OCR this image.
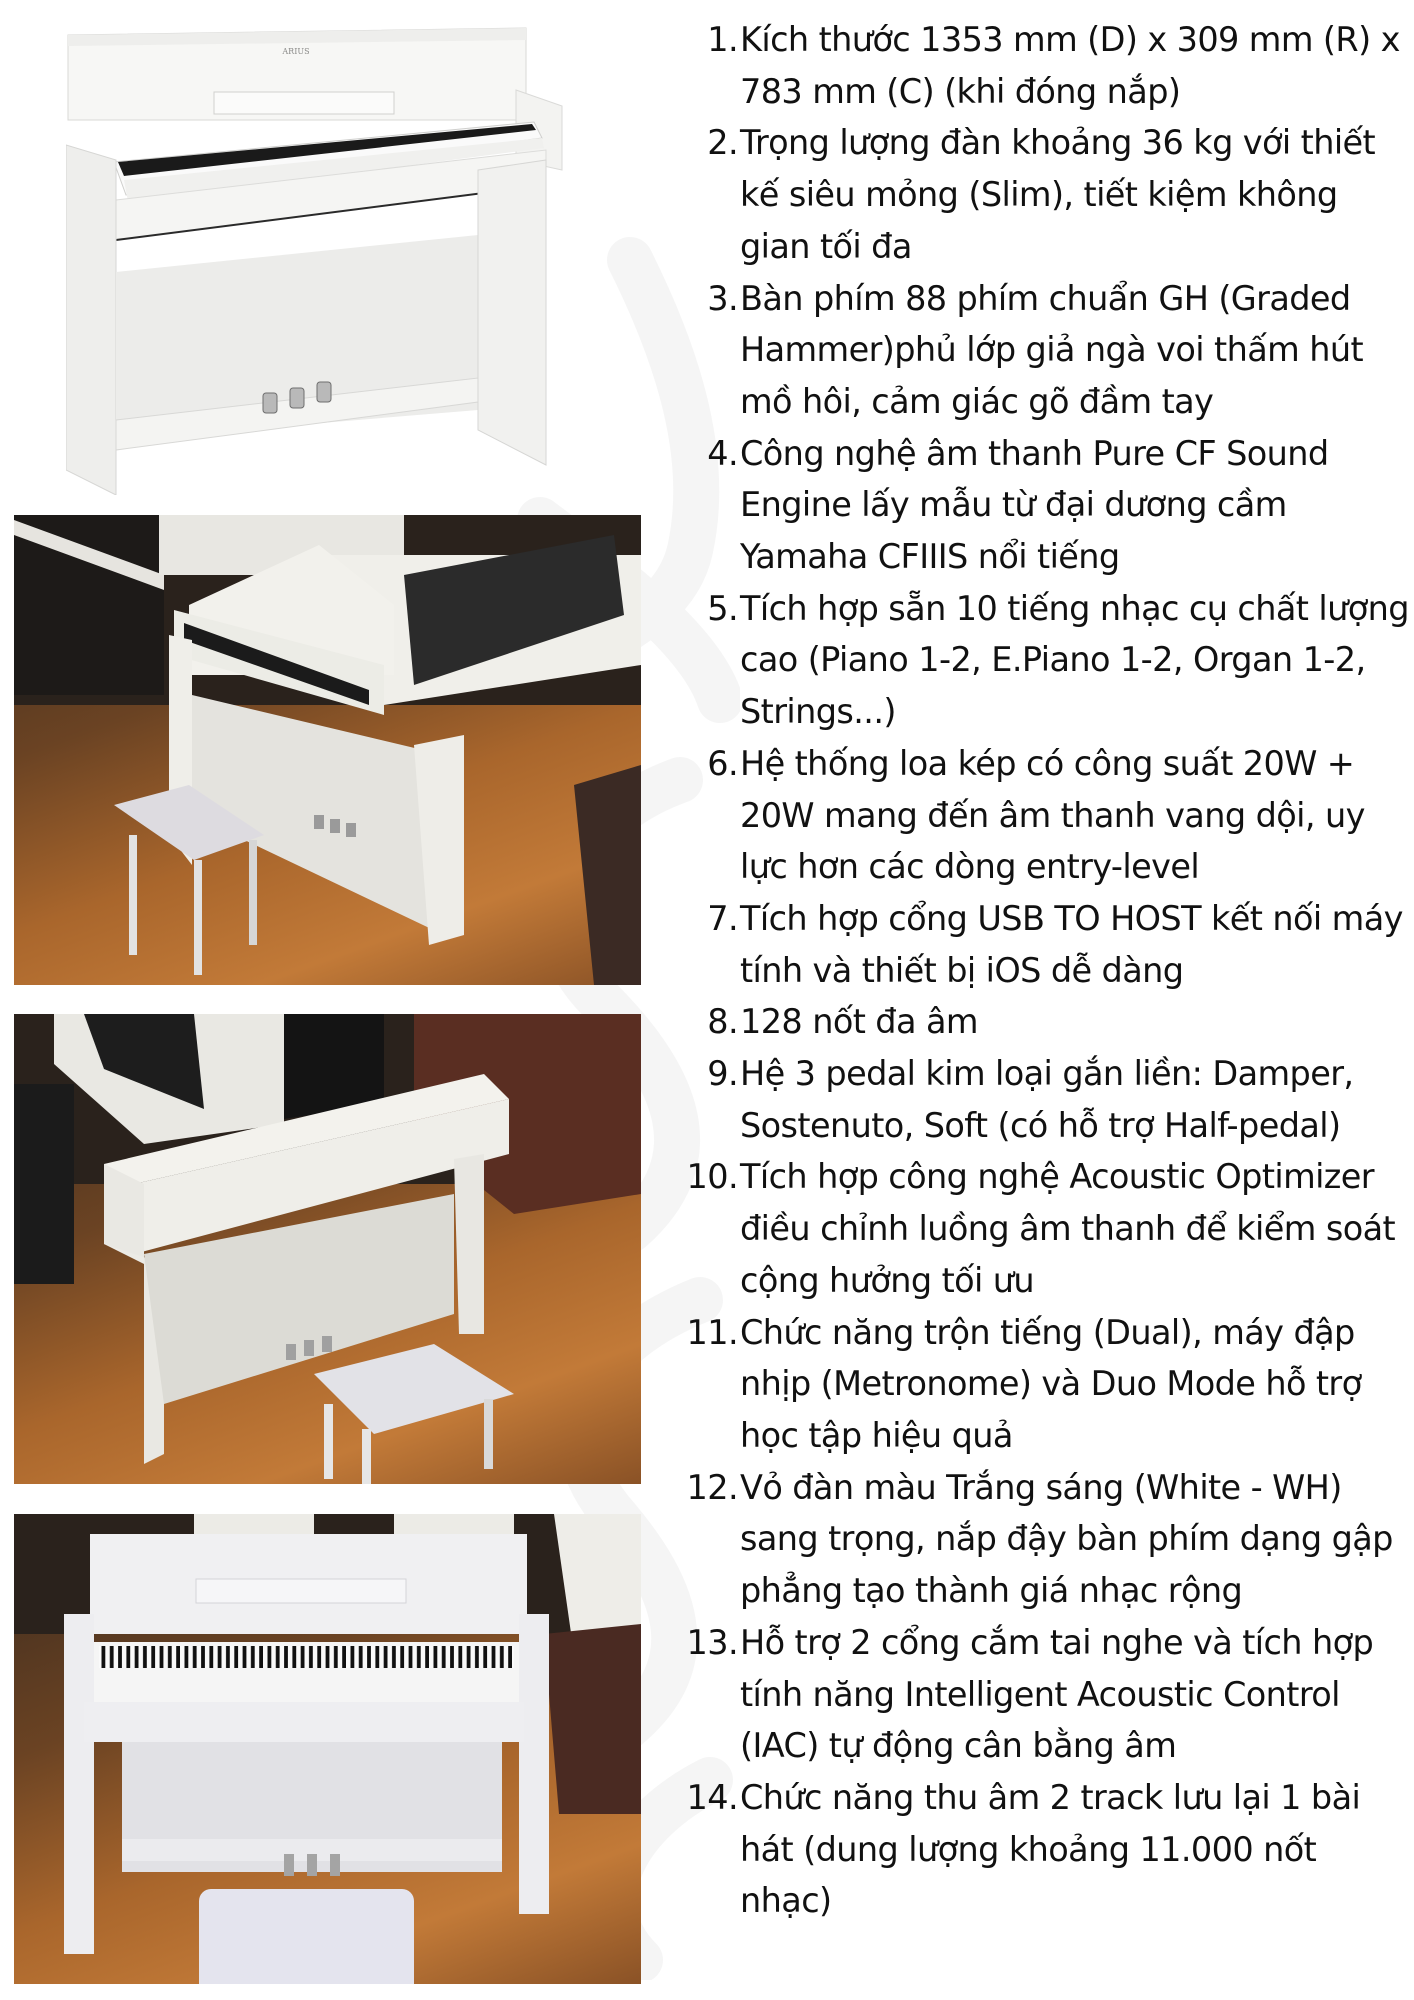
ARIUS	1. Kích thước 1353 mm (D) x 309 mm (R) x 783 mm (C) (khi đóng nắp)
2. Trọng lượng đàn khoảng 36 kg với thiết kế siêu mỏng (Slim), tiết kiệm không gian tối đa
3. Bàn phím 88 phím chuẩn GH (Graded Hammer)phủ lớp giả ngà voi thấm hút mồ hôi, cảm giác gõ đầm tay
4. Công nghệ âm thanh Pure CF Sound Engine lấy mẫu từ đại dương cầm Yamaha CFIIIS nổi tiếng
5. Tích hợp sẵn 10 tiếng nhạc cụ chất lượng cao (Piano 1-2, E.Piano 1-2, Organ 1-2, Strings...)
6. Hệ thống loa kép có công suất 20W + 20W mang đến âm thanh vang dội, uy lực hơn các dòng entry-level
7. Tích hợp cổng USB TO HOST kết nối máy tính và thiết bị iOS dễ dàng
8. 128 nốt đa âm
9. Hệ 3 pedal kim loại gắn liền: Damper, Sostenuto, Soft (có hỗ trợ Half-pedal)
10. Tích hợp công nghệ Acoustic Optimizer điều chỉnh luồng âm thanh để kiểm soát cộng hưởng tối ưu
11. Chức năng trộn tiếng (Dual), máy đập nhịp (Metronome) và Duo Mode hỗ trợ học tập hiệu quả
12. Vỏ đàn màu Trắng sáng (White - WH) sang trọng, nắp đậy bàn phím dạng gập phẳng tạo thành giá nhạc rộng
13. Hỗ trợ 2 cổng cắm tai nghe và tích hợp tính năng Intelligent Acoustic Control (IAC) tự động cân bằng âm
14. Chức năng thu âm 2 track lưu lại 1 bài hát (dung lượng khoảng 11.000 nốt nhạc)
